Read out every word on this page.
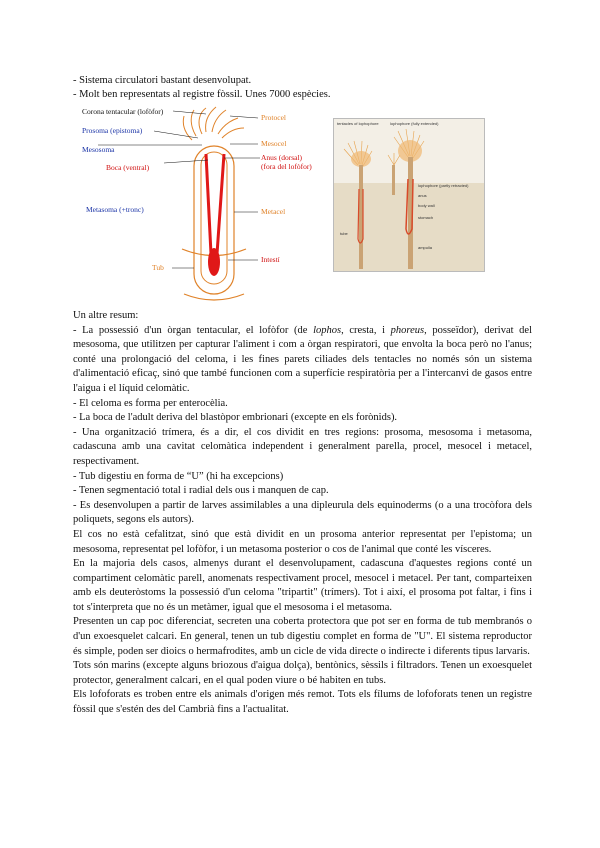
- Sistema circulatori bastant desenvolupat.
- Molt ben representats al registre fòssil. Unes 7000 espècies.
Corona tentacular (lofòfor)
Prosoma (epistoma)
Mesosoma
Boca (ventral)
Protocel
Mesocel
Anus (dorsal)
(fora del lofòfor)
Metasoma (+tronc)	Metacel
Intestí
Tub
tentacles of lophophore	lophophore (fully extended)
lophophore (partly retracted)
anus
body wall
stomach
tube
ampulla

Un altre resum:

- La possessió d'un òrgan tentacular, el lofòfor (de lophos, cresta, i phoreus, posseïdor), derivat del mesosoma, que utilitzen per capturar l'aliment i com a òrgan respiratori, que envolta la boca però no l'anus; conté una prolongació del celoma, i les fines parets ciliades dels tentacles no només són un sistema d'alimentació eficaç, sinó que també funcionen com a superfície respiratòria per a l'intercanvi de gasos entre l'aigua i el líquid celomàtic.

- El celoma es forma per enterocèlia.

- La boca de l'adult deriva del blastòpor embrionari (excepte en els forònids).

- Una organització trímera, és a dir, el cos dividit en tres regions: prosoma, mesosoma i metasoma, cadascuna amb una cavitat celomàtica independent i generalment parella, procel, mesocel i metacel, respectivament.

- Tub digestiu en forma de “U” (hi ha excepcions)

- Tenen segmentació total i radial dels ous i manquen de cap.

- Es desenvolupen a partir de larves assimilables a una dipleurula dels equinoderms (o a una trocòfora dels poliquets, segons els autors).

El cos no està cefalitzat, sinó que està dividit en un prosoma anterior representat per l'epistoma; un mesosoma, representat pel lofòfor, i un metasoma posterior o cos de l'animal que conté les vísceres.

En la majoria dels casos, almenys durant el desenvolupament, cadascuna d'aquestes regions conté un compartiment celomàtic parell, anomenats respectivament procel, mesocel i metacel. Per tant, comparteixen amb els deuteròstoms la possessió d'un celoma "tripartit" (trímers). Tot i així, el prosoma pot faltar, i fins i tot s'interpreta que no és un metàmer, igual que el mesosoma i el metasoma.

Presenten un cap poc diferenciat, secreten una coberta protectora que pot ser en forma de tub membranós o d'un exoesquelet calcari. En general, tenen un tub digestiu complet en forma de "U". El sistema reproductor és simple, poden ser dioics o hermafrodites, amb un cicle de vida directe o indirecte i diferents tipus larvaris.

Tots són marins (excepte alguns briozous d'aigua dolça), bentònics, sèssils i filtradors. Tenen un exoesquelet protector, generalment calcari, en el qual poden viure o bé habiten en tubs.

Els lofoforats es troben entre els animals d'origen més remot. Tots els fílums de lofoforats tenen un registre fòssil que s'estén des del Cambrià fins a l'actualitat.
